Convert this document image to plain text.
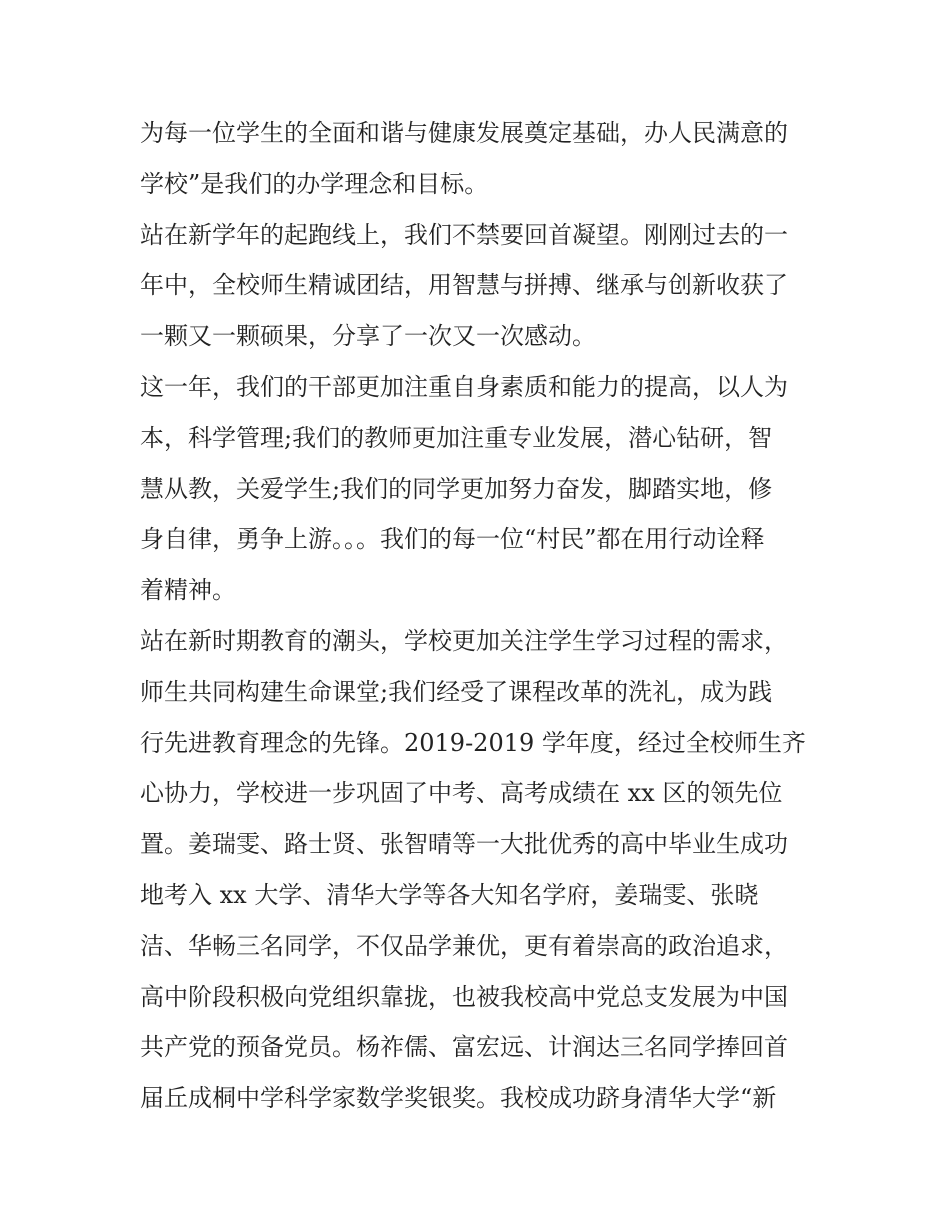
为每一位学生的全面和谐与健康发展奠定基础，办人民满意的
学校”是我们的办学理念和目标。
站在新学年的起跑线上，我们不禁要回首凝望。刚刚过去的一
年中，全校师生精诚团结，用智慧与拼搏、继承与创新收获了
一颗又一颗硕果，分享了一次又一次感动。
这一年，我们的干部更加注重自身素质和能力的提高，以人为
本，科学管理;我们的教师更加注重专业发展，潜心钻研，智
慧从教，关爱学生;我们的同学更加努力奋发，脚踏实地，修
身自律，勇争上游。。。我们的每一位“村民”都在用行动诠释
着精神。
站在新时期教育的潮头，学校更加关注学生学习过程的需求，
师生共同构建生命课堂;我们经受了课程改革的洗礼，成为践
行先进教育理念的先锋。2019-2019 学年度，经过全校师生齐
心协力，学校进一步巩固了中考、高考成绩在 xx 区的领先位
置。姜瑞雯、路士贤、张智晴等一大批优秀的高中毕业生成功
地考入 xx 大学、清华大学等各大知名学府，姜瑞雯、张晓
洁、华畅三名同学，不仅品学兼优，更有着崇高的政治追求，
高中阶段积极向党组织靠拢，也被我校高中党总支发展为中国
共产党的预备党员。杨祚儒、富宏远、计润达三名同学捧回首
届丘成桐中学科学家数学奖银奖。我校成功跻身清华大学“新
